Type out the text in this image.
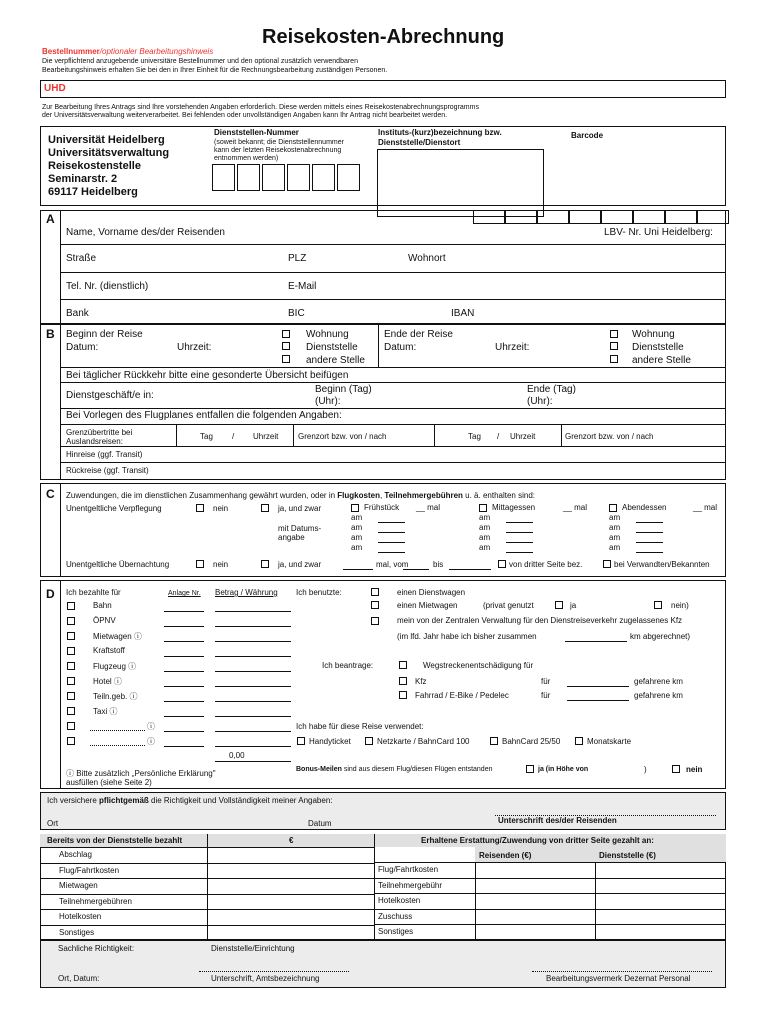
Reisekosten-Abrechnung
Bestellnummer/optionaler Bearbeitungshinweis
Die verpflichtend anzugebende universitäre Bestellnummer und den optional zusätzlich verwendbaren
Bearbeitungshinweis erhalten Sie bei den in Ihrer Einheit für die Rechnungsbearbeitung zuständigen Personen.
UHD
Zur Bearbeitung Ihres Antrags sind Ihre vorstehenden Angaben erforderlich. Diese werden mittels eines Reisekostenabrechnungsprogramms
der Universitätsverwaltung weiterverarbeitet. Bei fehlenden oder unvollständigen Angaben kann Ihr Antrag nicht bearbeitet werden.
Universität Heidelberg
Universitätsverwaltung
Reisekostenstelle
Seminarstr. 2
69117 Heidelberg
Dienststellen-Nummer
(soweit bekannt; die Dienststellennummer
kann der letzten Reisekostenabrechnung
entnommen werden)
Instituts-(kurz)bezeichnung bzw.
Dienststelle/Dienstort
Barcode
A
Name, Vorname des/der Reisenden	LBV- Nr. Uni Heidelberg:
Straße	PLZ	Wohnort
Tel. Nr. (dienstlich)	E-Mail
Bank	BIC	IBAN
B Beginn der Reise
Datum:	Uhrzeit:
Wohnung
Dienststelle
andere Stelle
Ende der Reise
Datum:	Uhrzeit:
Wohnung
Dienststelle
andere Stelle
Bei täglicher Rückkehr bitte eine gesonderte Übersicht beifügen
Dienstgeschäft/e in:
Beginn (Tag)
(Uhr):
Ende (Tag)
(Uhr):
Bei Vorlegen des Flugplanes entfallen die folgenden Angaben:
Grenzübertritte bei
Auslandsreisen:
Tag / Uhrzeit Grenzort bzw. von / nach	Tag / Uhrzeit	Grenzort bzw. von / nach
Hinreise (ggf. Transit)
Rückreise (ggf. Transit)
C Zuwendungen, die im dienstlichen Zusammenhang gewährt wurden, oder in Flugkosten, Teilnehmergebühren u. ä. enthalten sind:
Unentgeltliche Verpflegung	nein	ja, und zwar
mit Datums-
angabe
Frühstück __ mal
am
am
am
am
Mittagessen	__ mal
am
am
am
am
Abendessen	__ mal
am
am
am
am
Unentgeltliche Übernachtung	nein	ja, und zwar	mal, vom	bis	von dritter Seite bez.	bei Verwandten/Bekannten
D Ich bezahlte für	Anlage Nr. Betrag / Währung
Bahn
ÖPNV
Mietwagen ⓘ
Kraftstoff
Flugzeug ⓘ
Hotel ⓘ
Teiln.geb. ⓘ
Taxi ⓘ
ⓘ
ⓘ
0,00
ⓘ Bitte zusätzlich „Persönliche Erklärung"
ausfüllen (siehe Seite 2)
Ich benutzte:	einen Dienstwagen
einen Mietwagen	(privat genutzt	ja	nein)
mein von der Zentralen Verwaltung für den Dienstreiseverkehr zugelassenes Kfz
(im lfd. Jahr habe ich bisher zusammen	km abgerechnet)
Ich beantrage:	Wegstreckenentschädigung für
Kfz	für	gefahrene km
Fahrrad / E-Bike / Pedelec	für	gefahrene km
Ich habe für diese Reise verwendet:
Handyticket	Netzkarte / BahnCard 100	BahnCard 25/50	Monatskarte
Bonus-Meilen sind aus diesem Flug/diesen Flügen entstanden	ja (in Höhe von	)	nein
Ich versichere pflichtgemäß die Richtigkeit und Vollständigkeit meiner Angaben:
Unterschrift des/der Reisenden
Ort	Datum
Bereits von der Dienststelle bezahlt	€	Erhaltene Erstattung/Zuwendung von dritter Seite gezahlt an:
Reisenden (€)	Dienststelle (€)
Abschlag
Flug/Fahrtkosten
Mietwagen
Teilnehmergebühren
Hotelkosten
Sonstiges
Flug/Fahrtkosten
Teilnehmergebühr
Hotelkosten
Zuschuss
Sonstiges
Sachliche Richtigkeit:	Dienststelle/Einrichtung
Ort, Datum:	Unterschrift, Amtsbezeichnung	Bearbeitungsvermerk Dezernat Personal
